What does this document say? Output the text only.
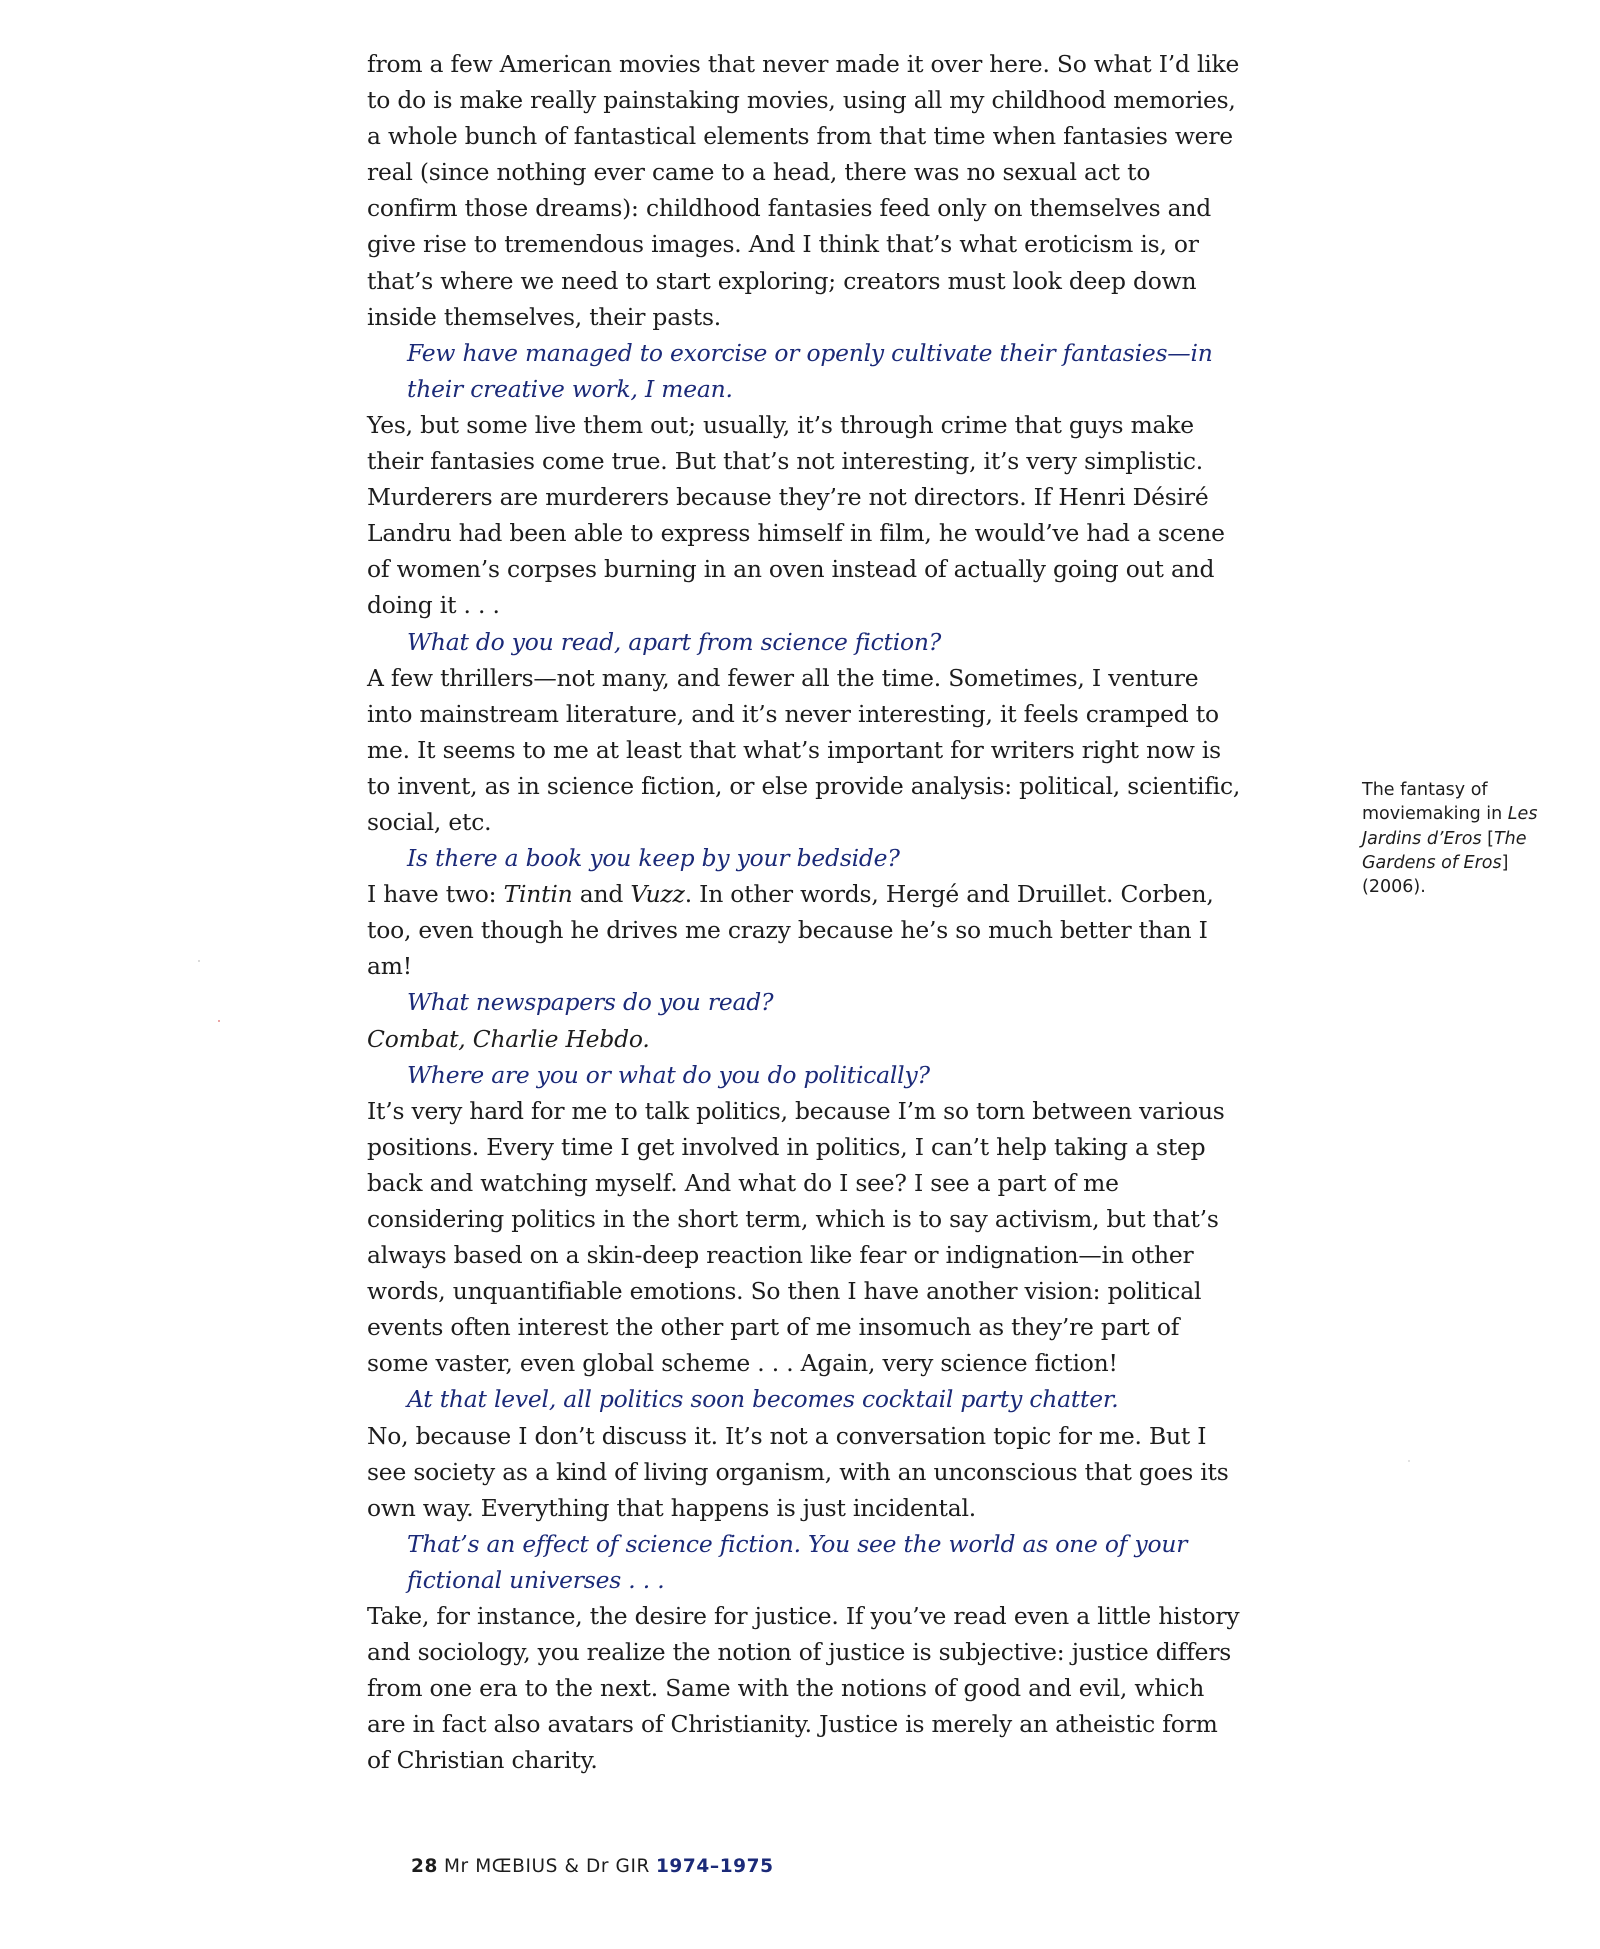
from a few American movies that never made it over here. So what I’d like to do is make really painstaking movies, using all my childhood memories, a whole bunch of fantastical elements from that time when fantasies were real (since nothing ever came to a head, there was no sexual act to confirm those dreams): childhood fantasies feed only on themselves and give rise to tremendous images. And I think that’s what eroticism is, or that’s where we need to start exploring; creators must look deep down inside themselves, their pasts.

Few have managed to exorcise or openly cultivate their fantasies—in their creative work, I mean.

Yes, but some live them out; usually, it’s through crime that guys make their fantasies come true. But that’s not interesting, it’s very simplistic. Murderers are murderers because they’re not directors. If Henri Désiré Landru had been able to express himself in film, he would’ve had a scene of women’s corpses burning in an oven instead of actually going out and doing it . . .

What do you read, apart from science fiction?

A few thrillers—not many, and fewer all the time. Sometimes, I venture into mainstream literature, and it’s never interesting, it feels cramped to me. It seems to me at least that what’s important for writers right now is to invent, as in science fiction, or else provide analysis: political, scientific, social, etc.

Is there a book you keep by your bedside?

I have two: Tintin and Vuzz. In other words, Hergé and Druillet. Corben, too, even though he drives me crazy because he’s so much better than I am!

What newspapers do you read?

Combat, Charlie Hebdo.

Where are you or what do you do politically?

It’s very hard for me to talk politics, because I’m so torn between various positions. Every time I get involved in politics, I can’t help taking a step back and watching myself. And what do I see? I see a part of me considering politics in the short term, which is to say activism, but that’s always based on a skin-deep reaction like fear or indignation—in other words, unquantifiable emotions. So then I have another vision: political events often interest the other part of me insomuch as they’re part of some vaster, even global scheme . . . Again, very science fiction!

At that level, all politics soon becomes cocktail party chatter.

No, because I don’t discuss it. It’s not a conversation topic for me. But I see society as a kind of living organism, with an unconscious that goes its own way. Everything that happens is just incidental.

That’s an effect of science fiction. You see the world as one of your fictional universes . . .

Take, for instance, the desire for justice. If you’ve read even a little history and sociology, you realize the notion of justice is subjective: justice differs from one era to the next. Same with the notions of good and evil, which are in fact also avatars of Christianity. Justice is merely an atheistic form of Christian charity.

The fantasy of moviemaking in Les Jardins d’Eros [The Gardens of Eros] (2006).
28 Mr MŒBIUS & Dr GIR 1974–1975
